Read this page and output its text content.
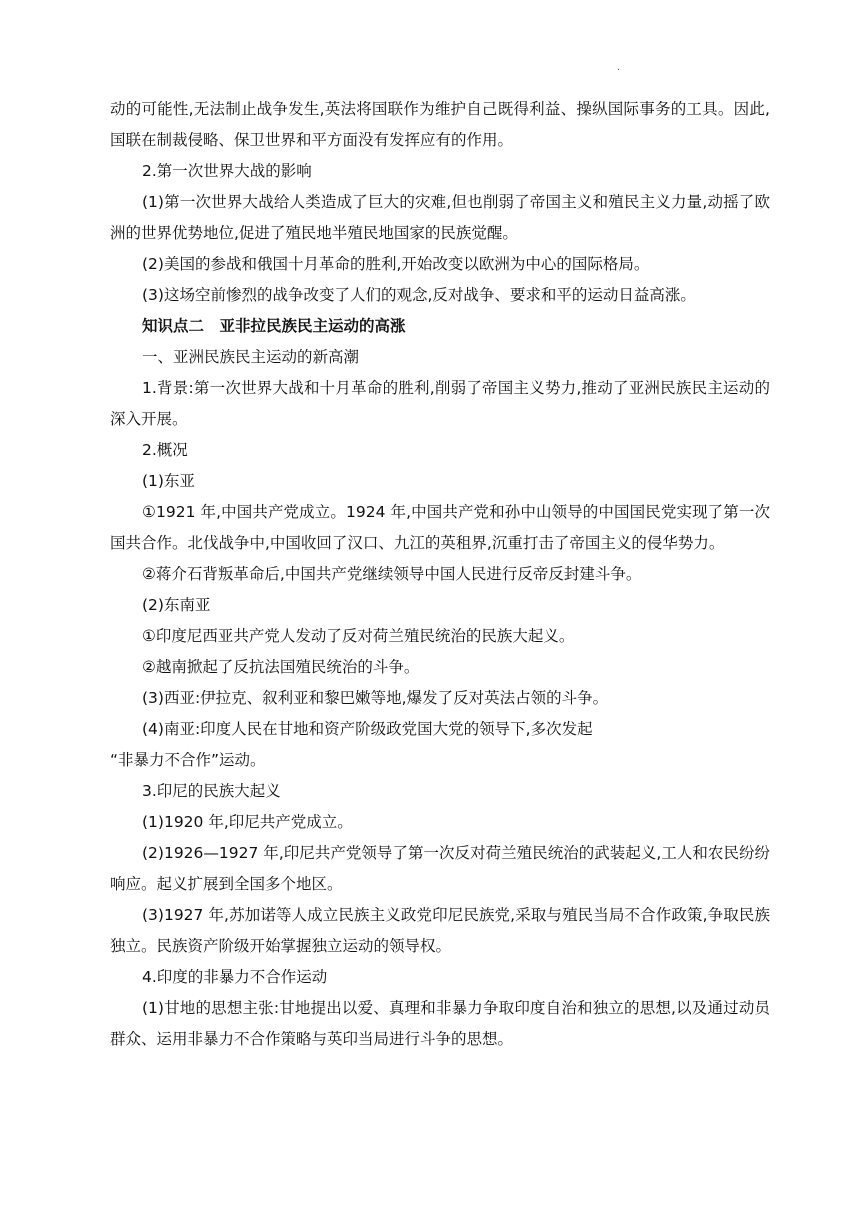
.

动的可能性,无法制止战争发生,英法将国联作为维护自己既得利益、操纵国际事务的工具。因此,国联在制裁侵略、保卫世界和平方面没有发挥应有的作用。

2.第一次世界大战的影响

(1)第一次世界大战给人类造成了巨大的灾难,但也削弱了帝国主义和殖民主义力量,动摇了欧洲的世界优势地位,促进了殖民地半殖民地国家的民族觉醒。

(2)美国的参战和俄国十月革命的胜利,开始改变以欧洲为中心的国际格局。

(3)这场空前惨烈的战争改变了人们的观念,反对战争、要求和平的运动日益高涨。

知识点二　亚非拉民族民主运动的高涨

一、亚洲民族民主运动的新高潮

1.背景:第一次世界大战和十月革命的胜利,削弱了帝国主义势力,推动了亚洲民族民主运动的深入开展。

2.概况

(1)东亚

①1921 年,中国共产党成立。1924 年,中国共产党和孙中山领导的中国国民党实现了第一次国共合作。北伐战争中,中国收回了汉口、九江的英租界,沉重打击了帝国主义的侵华势力。

②蒋介石背叛革命后,中国共产党继续领导中国人民进行反帝反封建斗争。

(2)东南亚

①印度尼西亚共产党人发动了反对荷兰殖民统治的民族大起义。

②越南掀起了反抗法国殖民统治的斗争。

(3)西亚:伊拉克、叙利亚和黎巴嫩等地,爆发了反对英法占领的斗争。

(4)南亚:印度人民在甘地和资产阶级政党国大党的领导下,多次发起

“非暴力不合作”运动。

3.印尼的民族大起义

(1)1920 年,印尼共产党成立。

(2)1926—1927 年,印尼共产党领导了第一次反对荷兰殖民统治的武装起义,工人和农民纷纷响应。起义扩展到全国多个地区。

(3)1927 年,苏加诺等人成立民族主义政党印尼民族党,采取与殖民当局不合作政策,争取民族独立。民族资产阶级开始掌握独立运动的领导权。

4.印度的非暴力不合作运动

(1)甘地的思想主张:甘地提出以爱、真理和非暴力争取印度自治和独立的思想,以及通过动员群众、运用非暴力不合作策略与英印当局进行斗争的思想。
